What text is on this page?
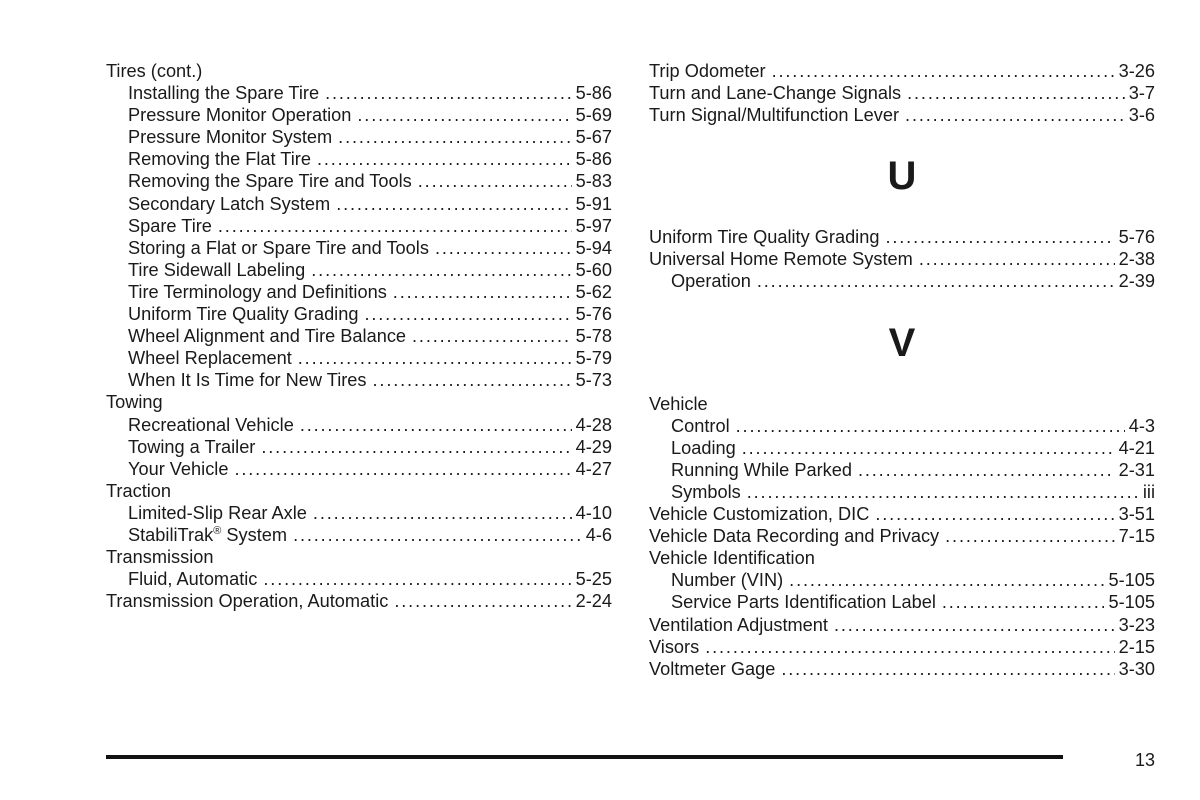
Tires (cont.)
Installing the Spare Tire . . .	5-86
Pressure Monitor Operation . . .	5-69
Pressure Monitor System . . .	5-67
Removing the Flat Tire . . .	5-86
Removing the Spare Tire and Tools . . .	5-83
Secondary Latch System . . .	5-91
Spare Tire . . .	5-97
Storing a Flat or Spare Tire and Tools . . .	5-94
Tire Sidewall Labeling . . .	5-60
Tire Terminology and Definitions . . .	5-62
Uniform Tire Quality Grading . . .	5-76
Wheel Alignment and Tire Balance . . .	5-78
Wheel Replacement . . .	5-79
When It Is Time for New Tires . . .	5-73
Towing
Recreational Vehicle . . .	4-28
Towing a Trailer . . .	4-29
Your Vehicle . . .	4-27
Traction
Limited-Slip Rear Axle . . .	4-10
StabiliTrak® System . . .	4-6
Transmission
Fluid, Automatic . . .	5-25
Transmission Operation, Automatic . . .	2-24
Trip Odometer . . .	3-26
Turn and Lane-Change Signals . . .	3-7
Turn Signal/Multifunction Lever . . .	3-6
U
Uniform Tire Quality Grading . . .	5-76
Universal Home Remote System . . .	2-38
Operation . . .	2-39
V
Vehicle
Control . . .	4-3
Loading . . .	4-21
Running While Parked . . .	2-31
Symbols . . .	iii
Vehicle Customization, DIC . . .	3-51
Vehicle Data Recording and Privacy . . .	7-15
Vehicle Identification
Number (VIN) . . .	5-105
Service Parts Identification Label . . .	5-105
Ventilation Adjustment . . .	3-23
Visors . . .	2-15
Voltmeter Gage . . .	3-30
13
